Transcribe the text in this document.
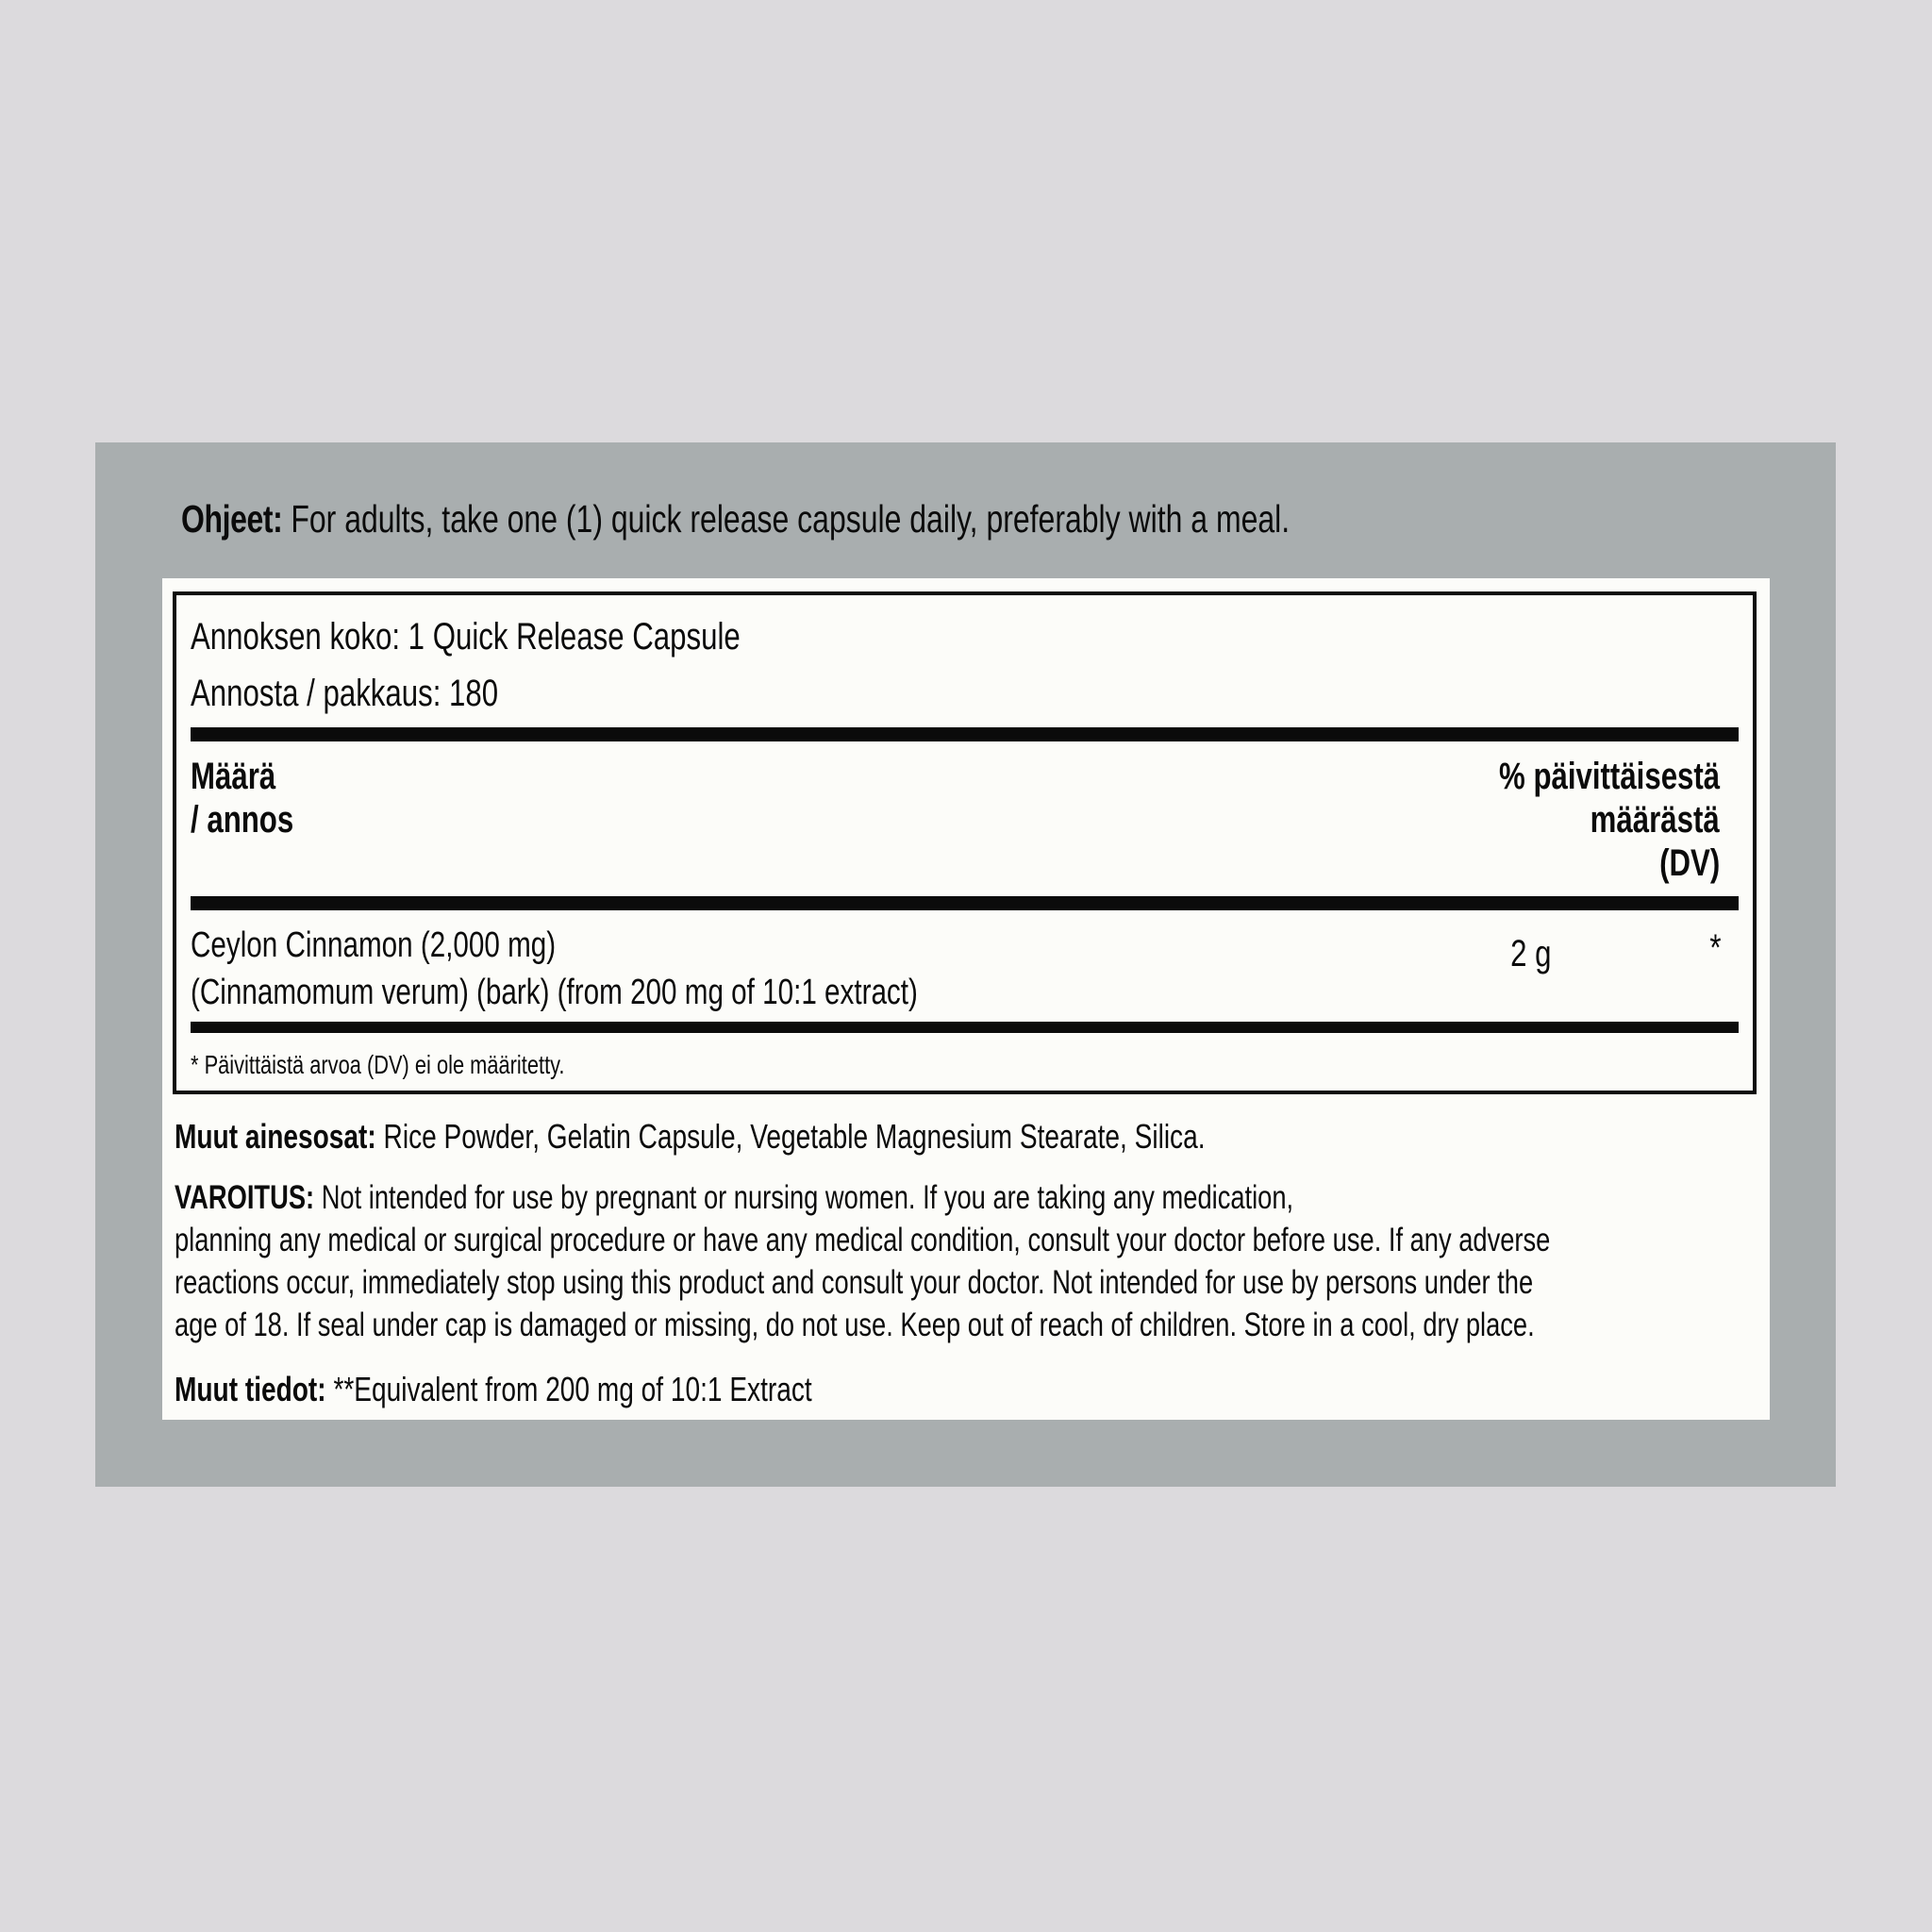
Ohjeet: For adults, take one (1) quick release capsule daily, preferably with a meal.
Annoksen koko: 1 Quick Release Capsule
Annosta / pakkaus: 180
Määrä
/ annos
% päivittäisestä
määrästä
(DV)
Ceylon Cinnamon (2,000 mg)
(Cinnamomum verum) (bark) (from 200 mg of 10:1 extract)
2 g	*
* Päivittäistä arvoa (DV) ei ole määritetty.
Muut ainesosat: Rice Powder, Gelatin Capsule, Vegetable Magnesium Stearate, Silica.
VAROITUS: Not intended for use by pregnant or nursing women. If you are taking any medication,
planning any medical or surgical procedure or have any medical condition, consult your doctor before use. If any adverse
reactions occur, immediately stop using this product and consult your doctor. Not intended for use by persons under the
age of 18. If seal under cap is damaged or missing, do not use. Keep out of reach of children. Store in a cool, dry place.
Muut tiedot: **Equivalent from 200 mg of 10:1 Extract
